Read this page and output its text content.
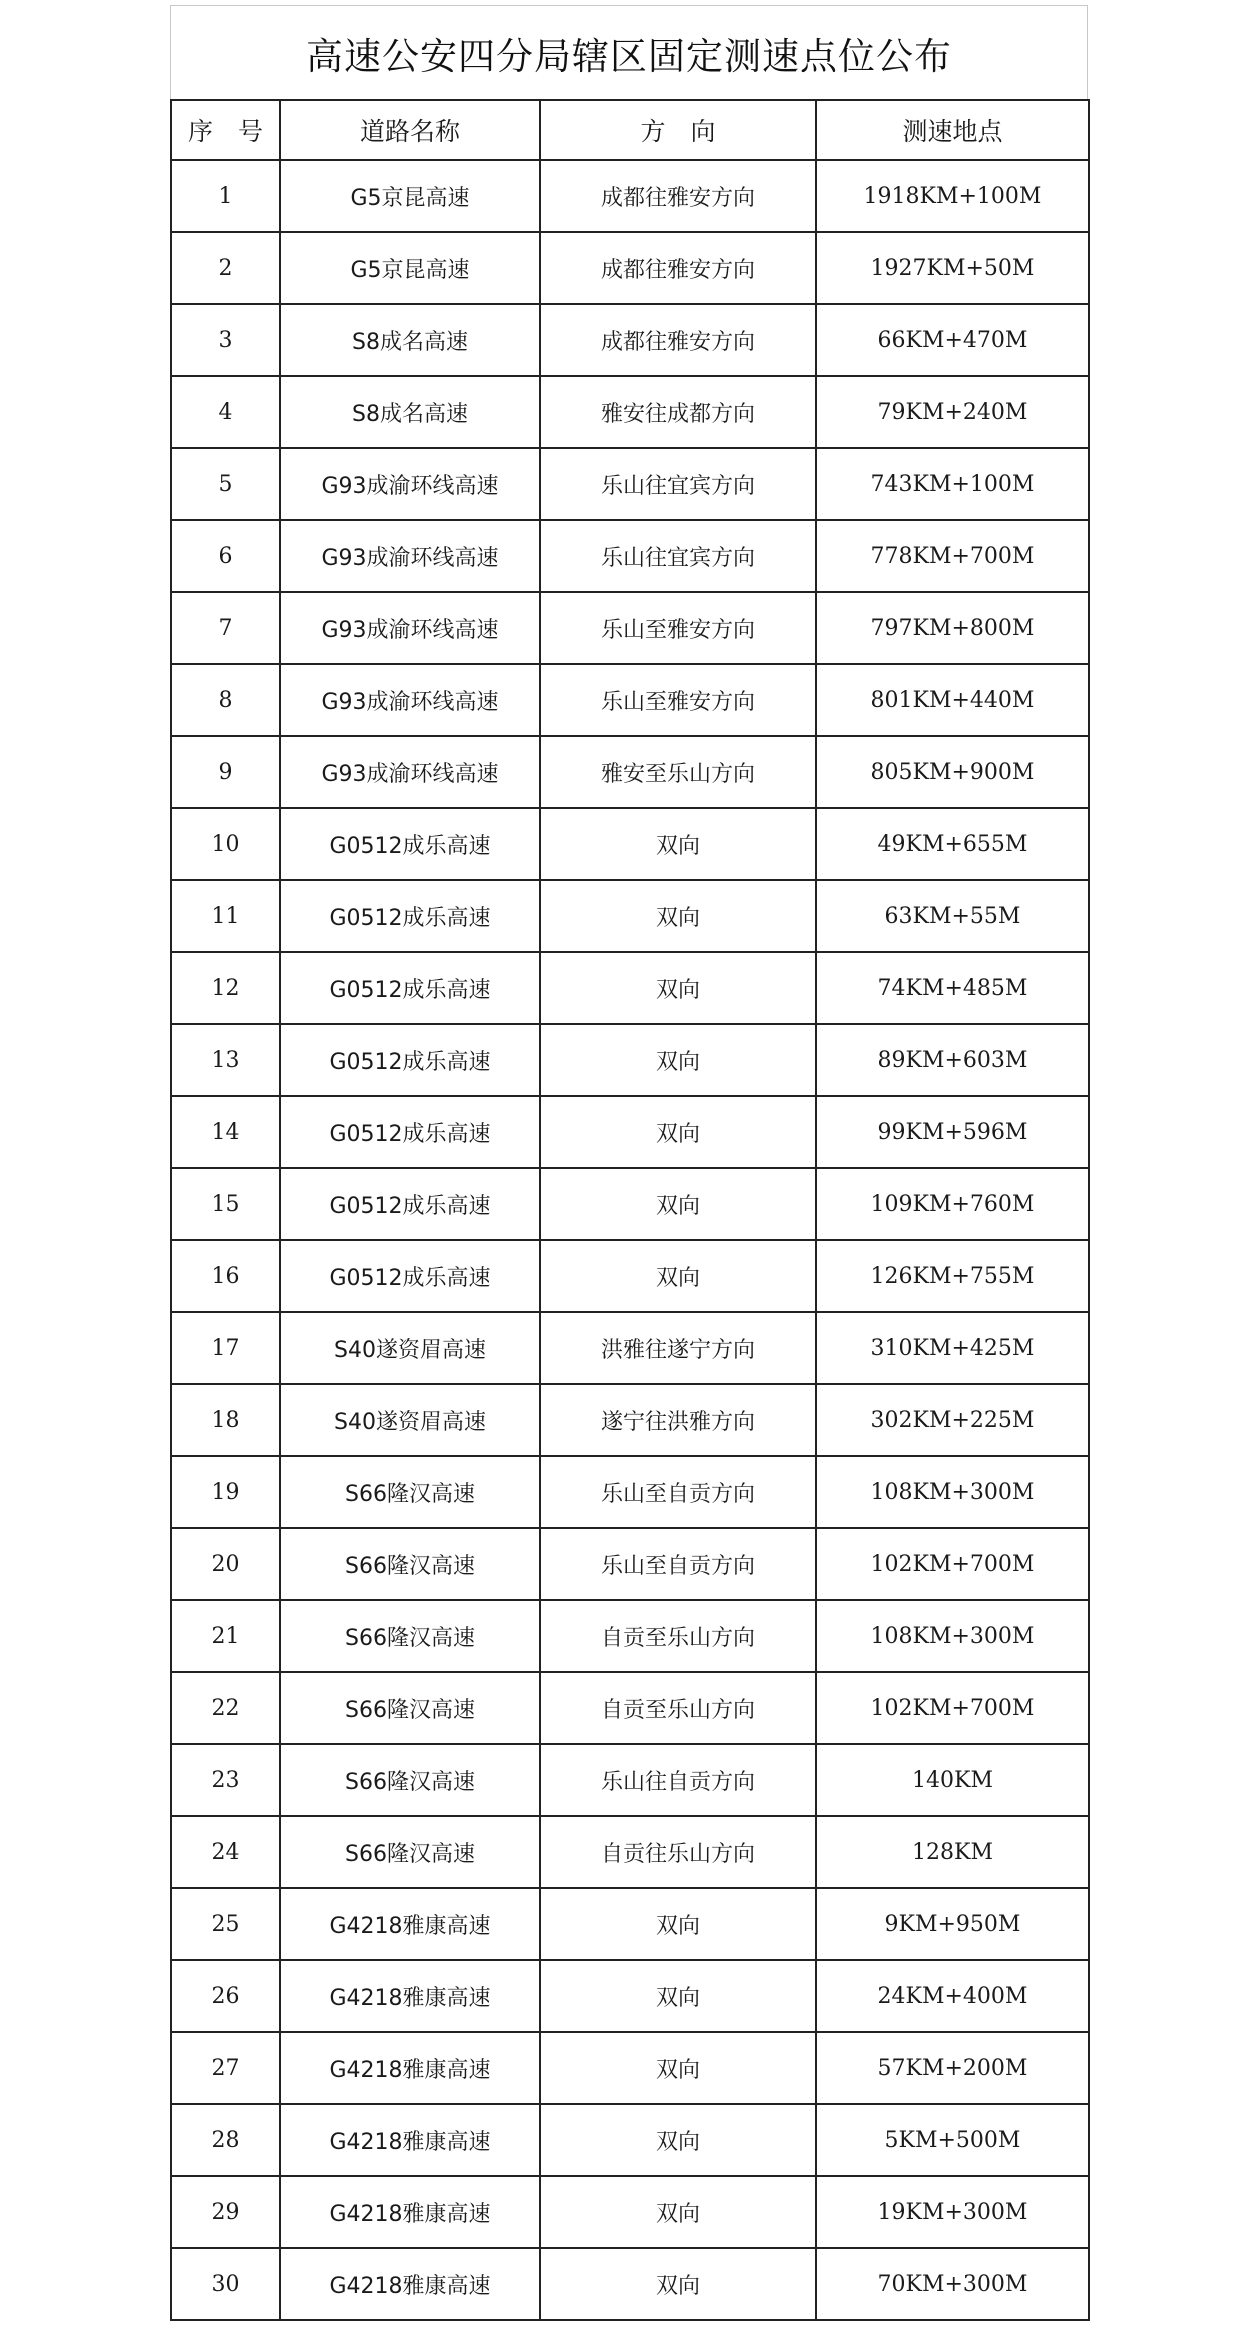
高速公安四分局辖区固定测速点位公布
序　号	道路名称	方　向	测速地点
1	G5京昆高速	成都往雅安方向	1918KM+100M
2	G5京昆高速	成都往雅安方向	1927KM+50M
3	S8成名高速	成都往雅安方向	66KM+470M
4	S8成名高速	雅安往成都方向	79KM+240M
5	G93成渝环线高速	乐山往宜宾方向	743KM+100M
6	G93成渝环线高速	乐山往宜宾方向	778KM+700M
7	G93成渝环线高速	乐山至雅安方向	797KM+800M
8	G93成渝环线高速	乐山至雅安方向	801KM+440M
9	G93成渝环线高速	雅安至乐山方向	805KM+900M
10	G0512成乐高速	双向	49KM+655M
11	G0512成乐高速	双向	63KM+55M
12	G0512成乐高速	双向	74KM+485M
13	G0512成乐高速	双向	89KM+603M
14	G0512成乐高速	双向	99KM+596M
15	G0512成乐高速	双向	109KM+760M
16	G0512成乐高速	双向	126KM+755M
17	S40遂资眉高速	洪雅往遂宁方向	310KM+425M
18	S40遂资眉高速	遂宁往洪雅方向	302KM+225M
19	S66隆汉高速	乐山至自贡方向	108KM+300M
20	S66隆汉高速	乐山至自贡方向	102KM+700M
21	S66隆汉高速	自贡至乐山方向	108KM+300M
22	S66隆汉高速	自贡至乐山方向	102KM+700M
23	S66隆汉高速	乐山往自贡方向	140KM
24	S66隆汉高速	自贡往乐山方向	128KM
25	G4218雅康高速	双向	9KM+950M
26	G4218雅康高速	双向	24KM+400M
27	G4218雅康高速	双向	57KM+200M
28	G4218雅康高速	双向	5KM+500M
29	G4218雅康高速	双向	19KM+300M
30	G4218雅康高速	双向	70KM+300M
